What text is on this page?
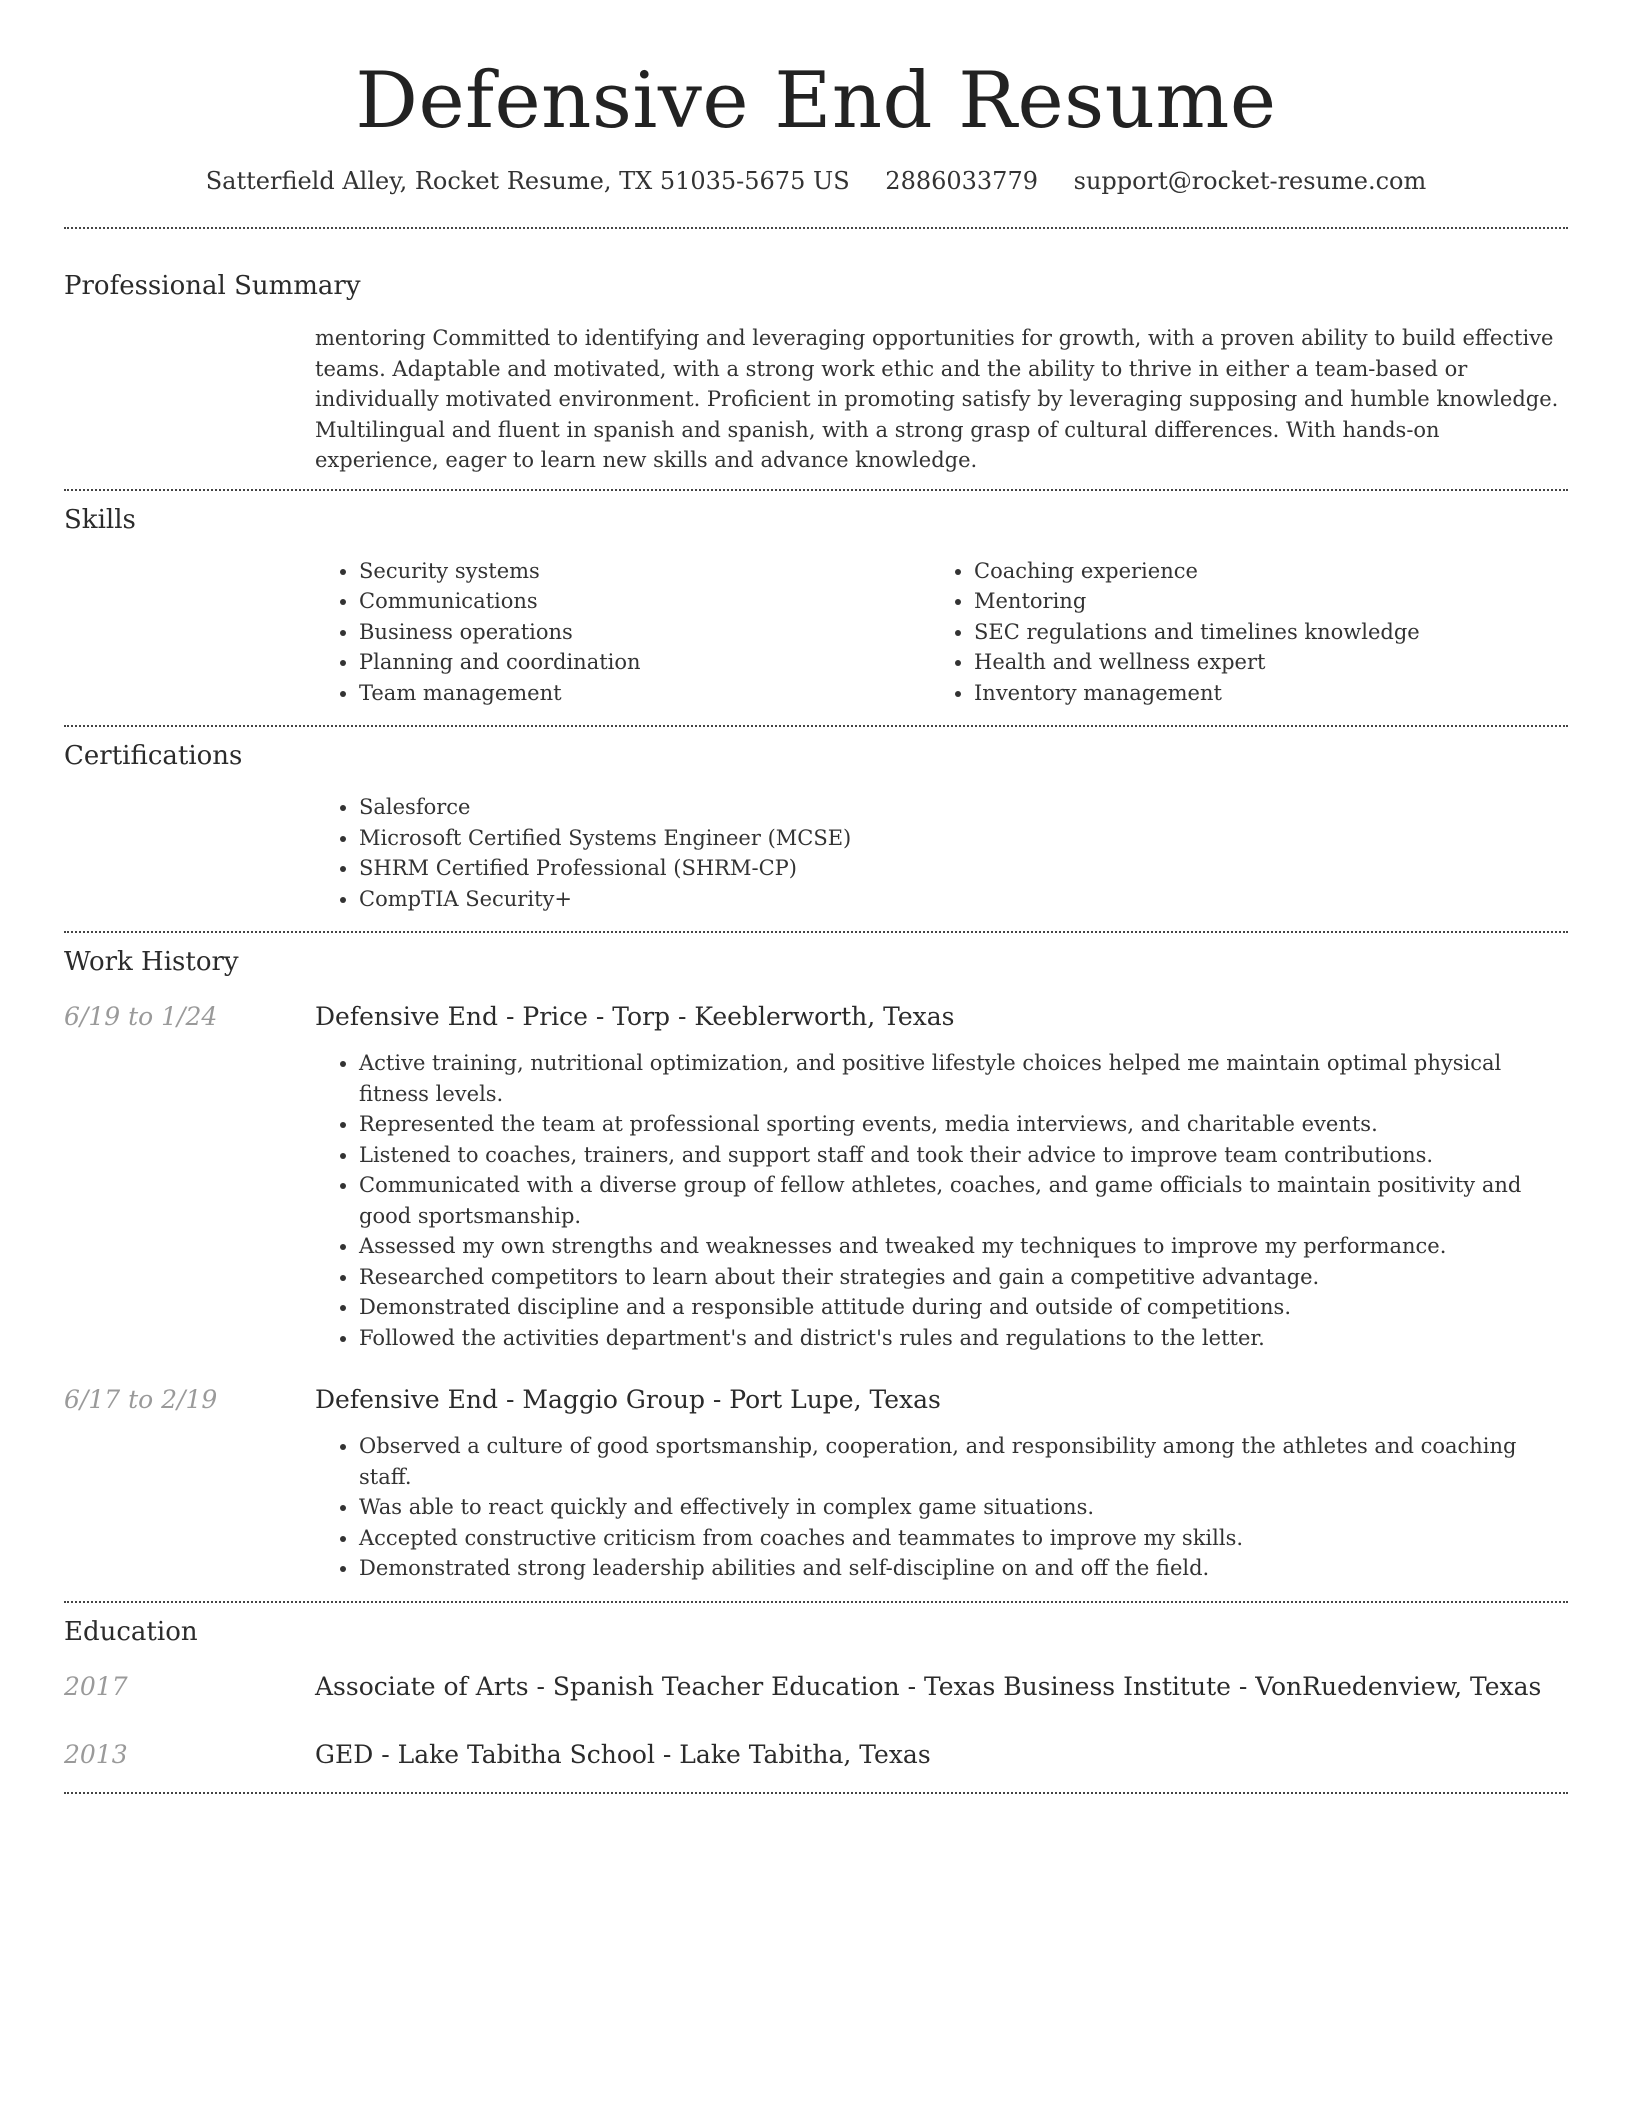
Defensive End Resume
Satterfield Alley, Rocket Resume, TX 51035-5675 US 2886033779 support@rocket-resume.com
Professional Summary

mentoring Committed to identifying and leveraging opportunities for growth, with a proven ability to build effective teams. Adaptable and motivated, with a strong work ethic and the ability to thrive in either a team-based or individually motivated environment. Proficient in promoting satisfy by leveraging supposing and humble knowledge. Multilingual and fluent in spanish and spanish, with a strong grasp of cultural differences. With hands-on experience, eager to learn new skills and advance knowledge.

Skills
• Security systems
• Communications
• Business operations
• Planning and coordination
• Team management
• Coaching experience
• Mentoring
• SEC regulations and timelines knowledge
• Health and wellness expert
• Inventory management
Certifications
• Salesforce
• Microsoft Certified Systems Engineer (MCSE)
• SHRM Certified Professional (SHRM-CP)
• CompTIA Security+
Work History
6/19 to 1/24	Defensive End - Price - Torp - Keeblerworth, Texas
• Active training, nutritional optimization, and positive lifestyle choices helped me maintain optimal physical fitness levels.
• Represented the team at professional sporting events, media interviews, and charitable events.
• Listened to coaches, trainers, and support staff and took their advice to improve team contributions.
• Communicated with a diverse group of fellow athletes, coaches, and game officials to maintain positivity and good sportsmanship.
• Assessed my own strengths and weaknesses and tweaked my techniques to improve my performance.
• Researched competitors to learn about their strategies and gain a competitive advantage.
• Demonstrated discipline and a responsible attitude during and outside of competitions.
• Followed the activities department's and district's rules and regulations to the letter.
6/17 to 2/19	Defensive End - Maggio Group - Port Lupe, Texas
• Observed a culture of good sportsmanship, cooperation, and responsibility among the athletes and coaching staff.
• Was able to react quickly and effectively in complex game situations.
• Accepted constructive criticism from coaches and teammates to improve my skills.
• Demonstrated strong leadership abilities and self-discipline on and off the field.
Education
2017	Associate of Arts - Spanish Teacher Education - Texas Business Institute - VonRuedenview, Texas
2013	GED - Lake Tabitha School - Lake Tabitha, Texas
